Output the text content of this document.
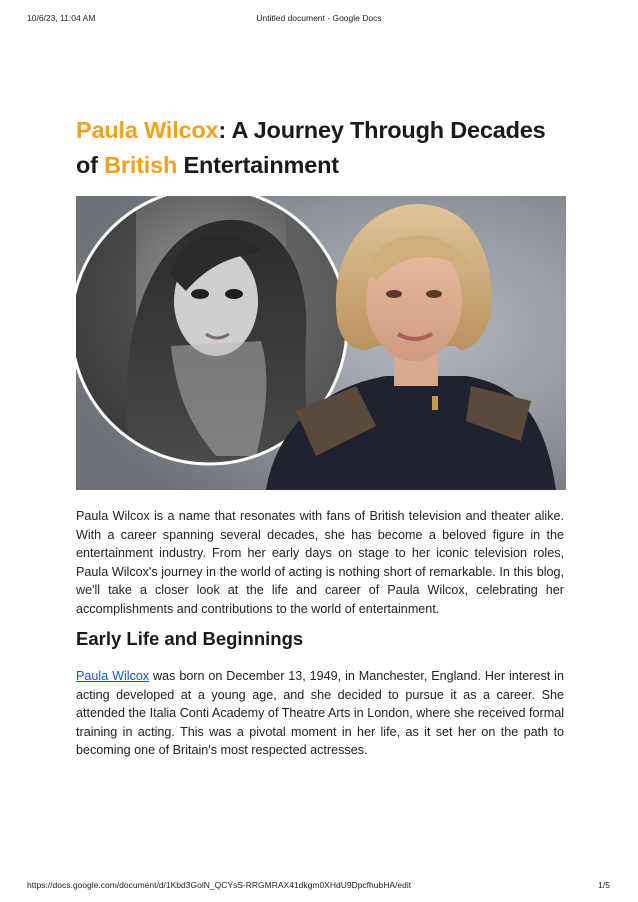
10/6/23, 11:04 AM	Untitled document - Google Docs
Paula Wilcox: A Journey Through Decades of British Entertainment

Paula Wilcox is a name that resonates with fans of British television and theater alike. With a career spanning several decades, she has become a beloved figure in the entertainment industry. From her early days on stage to her iconic television roles, Paula Wilcox's journey in the world of acting is nothing short of remarkable. In this blog, we'll take a closer look at the life and career of Paula Wilcox, celebrating her accomplishments and contributions to the world of entertainment.

Early Life and Beginnings

Paula Wilcox was born on December 13, 1949, in Manchester, England. Her interest in acting developed at a young age, and she decided to pursue it as a career. She attended the Italia Conti Academy of Theatre Arts in London, where she received formal training in acting. This was a pivotal moment in her life, as it set her on the path to becoming one of Britain's most respected actresses.

https://docs.google.com/document/d/1Kbd3GolN_QCYsS-RRGMRAX41dkgm0XHdU9DpcfhubHA/edit	1/5
